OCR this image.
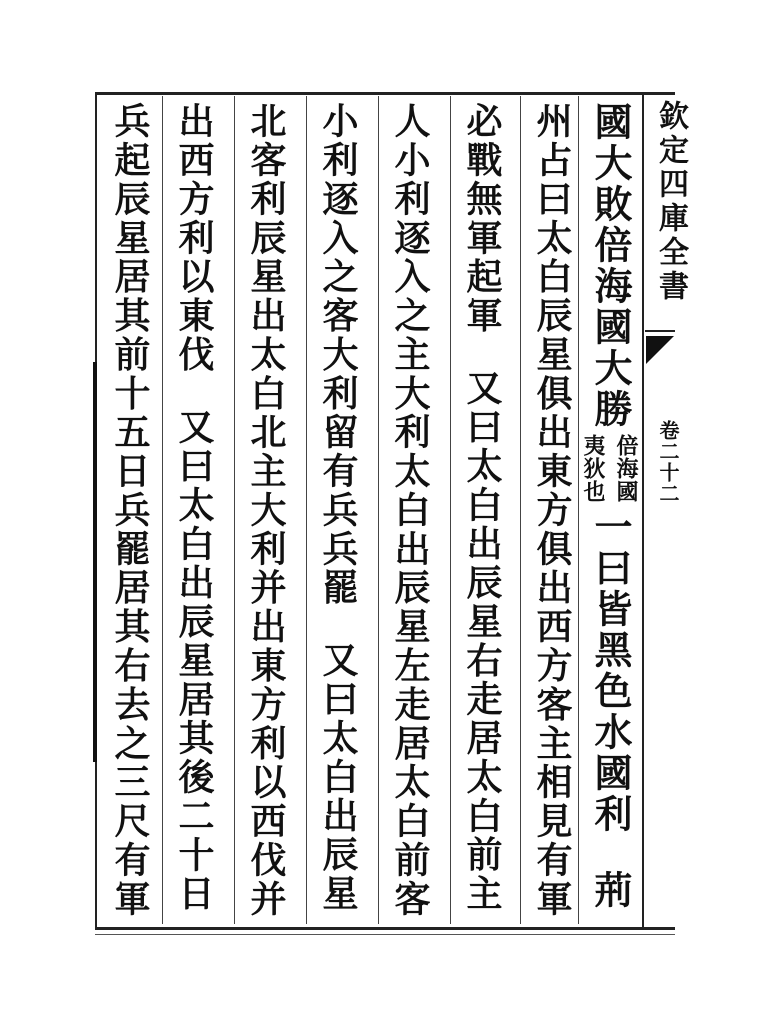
欽定四庫全書
卷二十二
國大敗倍海國大勝
倍海國
夷狄也
一曰皆黑色水國利
荊
州占曰太白辰星俱出東方俱出西方客主相見有軍
必戰無軍起軍
又曰太白出辰星右走居太白前主
人小利逐入之主大利太白出辰星左走居太白前客
小利逐入之客大利留有兵兵罷
又曰太白出辰星
北客利辰星出太白北主大利并出東方利以西伐并
出西方利以東伐
又曰太白出辰星居其後二十日
兵起辰星居其前十五日兵罷居其右去之三尺有軍
